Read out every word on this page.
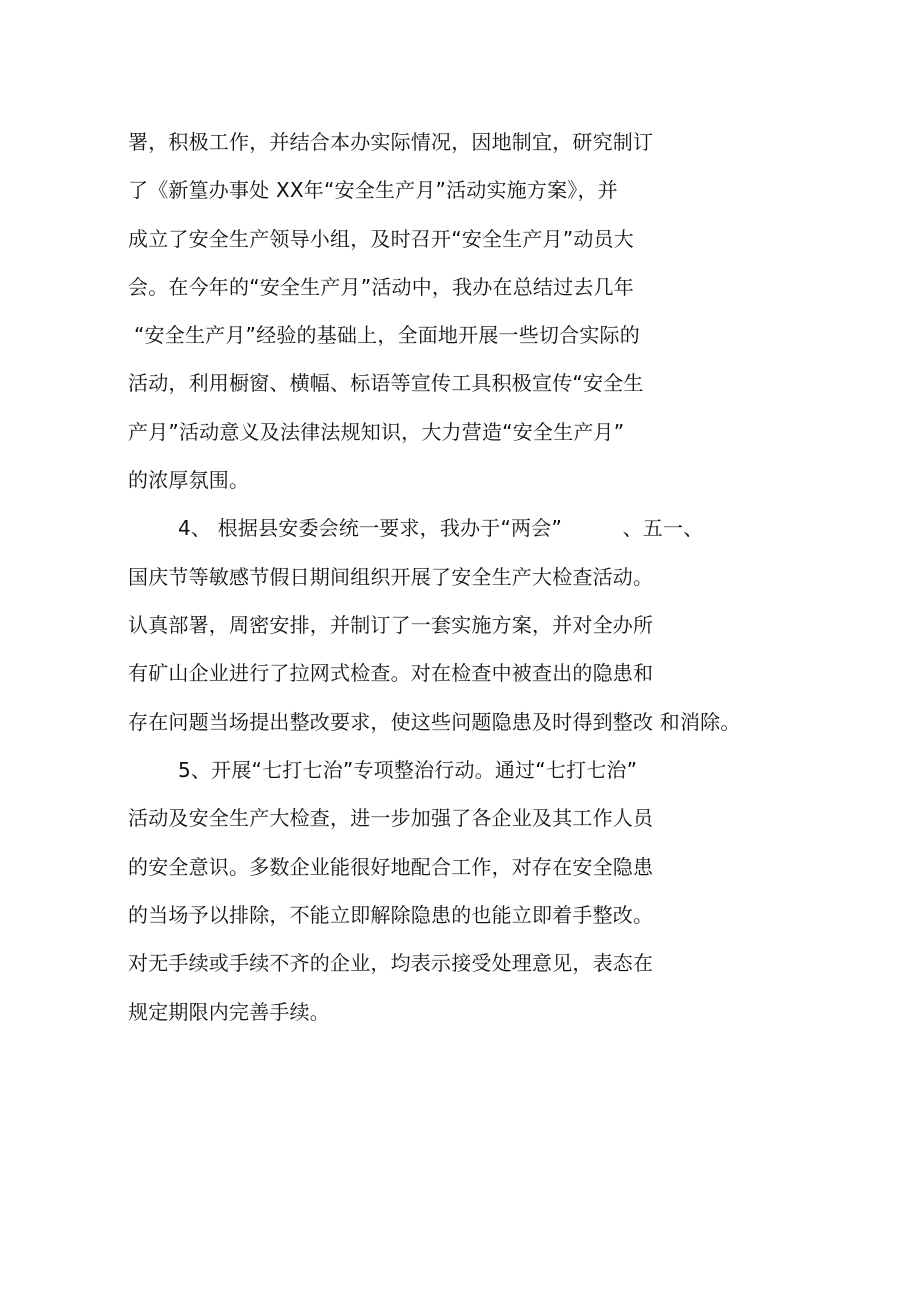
署，积极工作，并结合本办实际情况，因地制宜，研究制订
了《新篁办事处 XX年“安全生产月”活动实施方案》，并
成立了安全生产领导小组，及时召开“安全生产月”动员大
会。在今年的“安全生产月”活动中，我办在总结过去几年
“安全生产月”经验的基础上，全面地开展一些切合实际的
活动，利用橱窗、横幅、标语等宣传工具积极宣传“安全生
产月”活动意义及法律法规知识，大力营造“安全生产月”
的浓厚氛围。
4、 根据县安委会统一要求，我办于“两会”　　　、五一、
国庆节等敏感节假日期间组织开展了安全生产大检查活动。
认真部署，周密安排，并制订了一套实施方案，并对全办所
有矿山企业进行了拉网式检查。对在检查中被查出的隐患和
存在问题当场提出整改要求，使这些问题隐患及时得到整改 和消除。
5、开展“七打七治”专项整治行动。通过“七打七治”
活动及安全生产大检查，进一步加强了各企业及其工作人员
的安全意识。多数企业能很好地配合工作，对存在安全隐患
的当场予以排除，不能立即解除隐患的也能立即着手整改。
对无手续或手续不齐的企业，均表示接受处理意见，表态在
规定期限内完善手续。
